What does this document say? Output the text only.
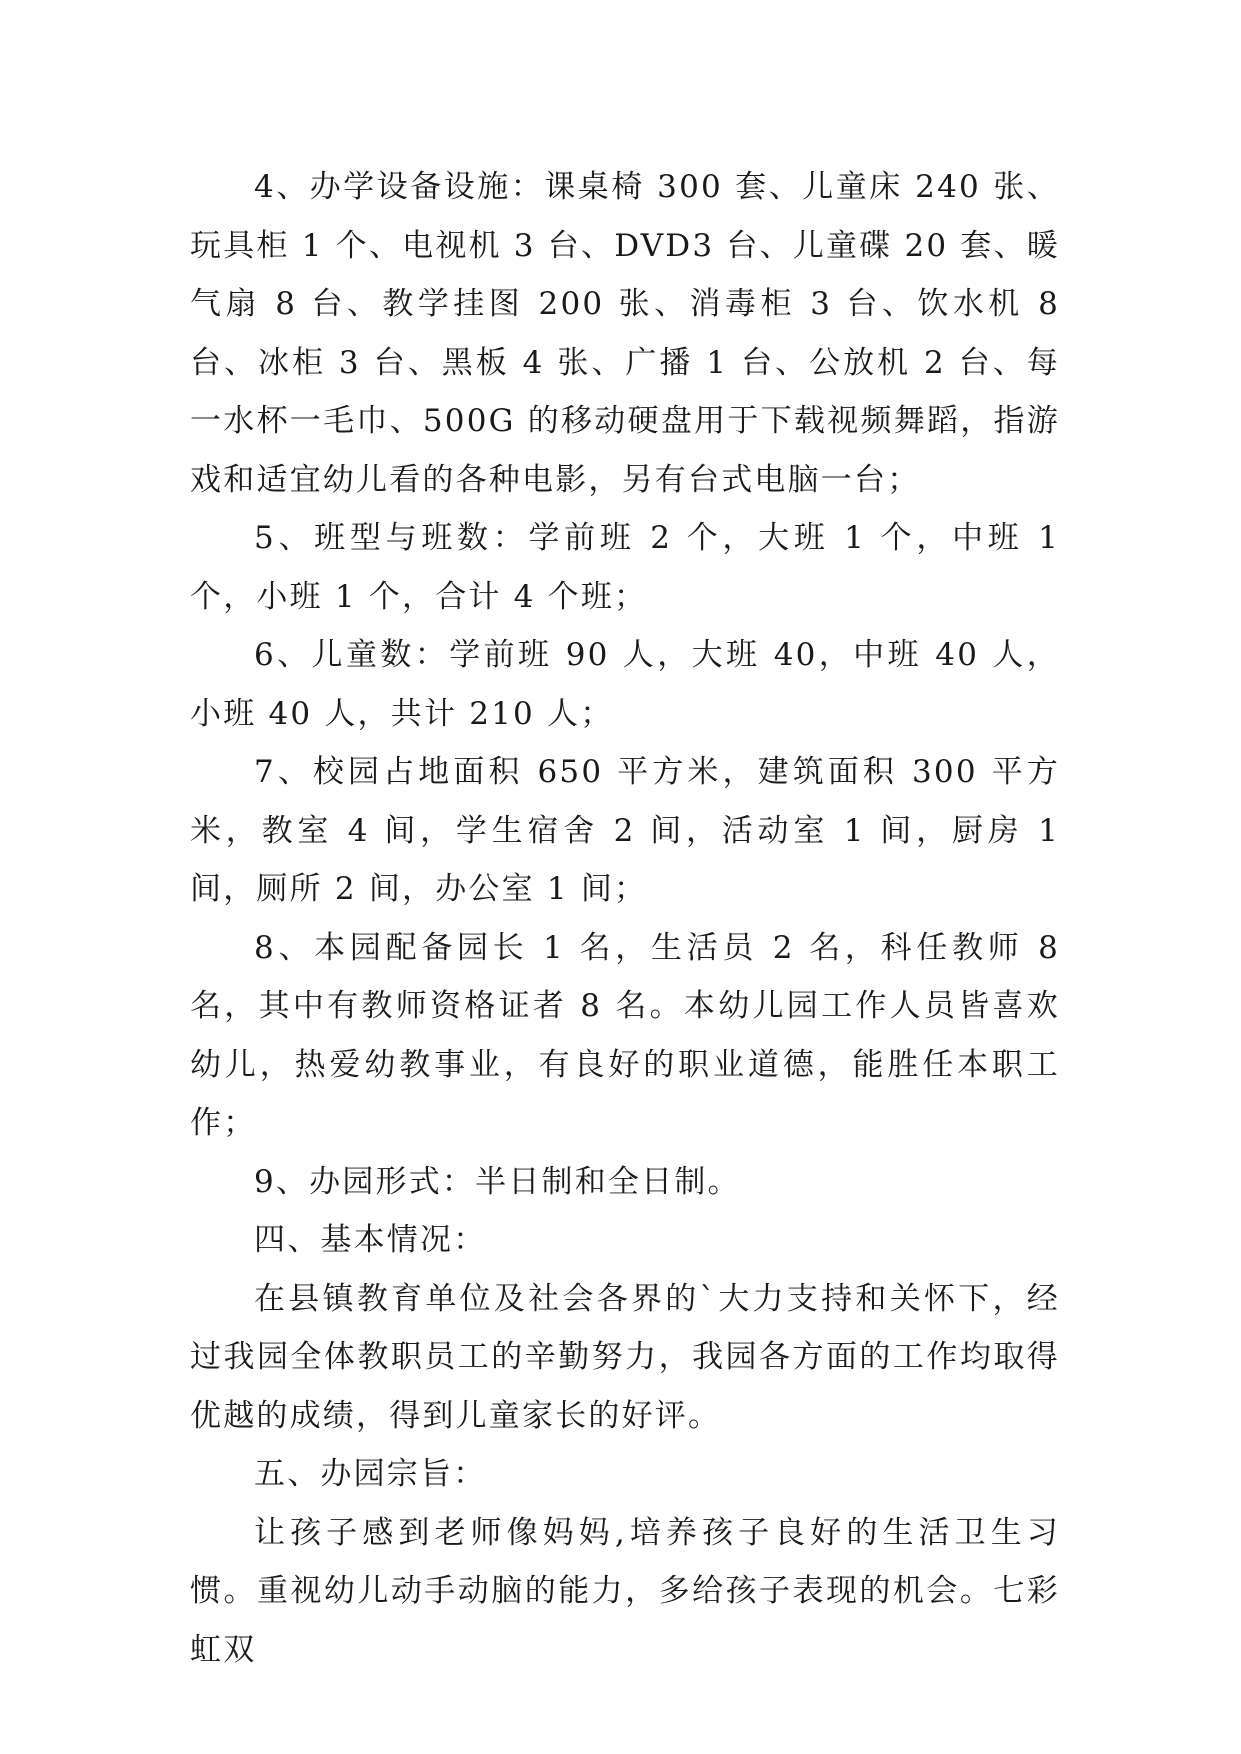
4、办学设备设施：课桌椅 300 套、儿童床 240 张、玩具柜 1 个、电视机 3 台、DVD3 台、儿童碟 20 套、暖气扇 8 台、教学挂图 200 张、消毒柜 3 台、饮水机 8 台、冰柜 3 台、黑板 4 张、广播 1 台、公放机 2 台、每一水杯一毛巾、500G 的移动硬盘用于下载视频舞蹈，指游戏和适宜幼儿看的各种电影，另有台式电脑一台；

5、班型与班数：学前班 2 个，大班 1 个，中班 1 个，小班 1 个，合计 4 个班；

6、儿童数：学前班 90 人，大班 40，中班 40 人，小班 40 人，共计 210 人；

7、校园占地面积 650 平方米，建筑面积 300 平方米，教室 4 间，学生宿舍 2 间，活动室 1 间，厨房 1 间，厕所 2 间，办公室 1 间；

8、本园配备园长 1 名，生活员 2 名，科任教师 8 名，其中有教师资格证者 8 名。本幼儿园工作人员皆喜欢幼儿，热爱幼教事业，有良好的职业道德，能胜任本职工作；

9、办园形式：半日制和全日制。

四、基本情况：

在县镇教育单位及社会各界的`大力支持和关怀下，经过我园全体教职员工的辛勤努力，我园各方面的工作均取得优越的成绩，得到儿童家长的好评。

五、办园宗旨：

让孩子感到老师像妈妈,培养孩子良好的生活卫生习惯。重视幼儿动手动脑的能力，多给孩子表现的机会。七彩虹双
